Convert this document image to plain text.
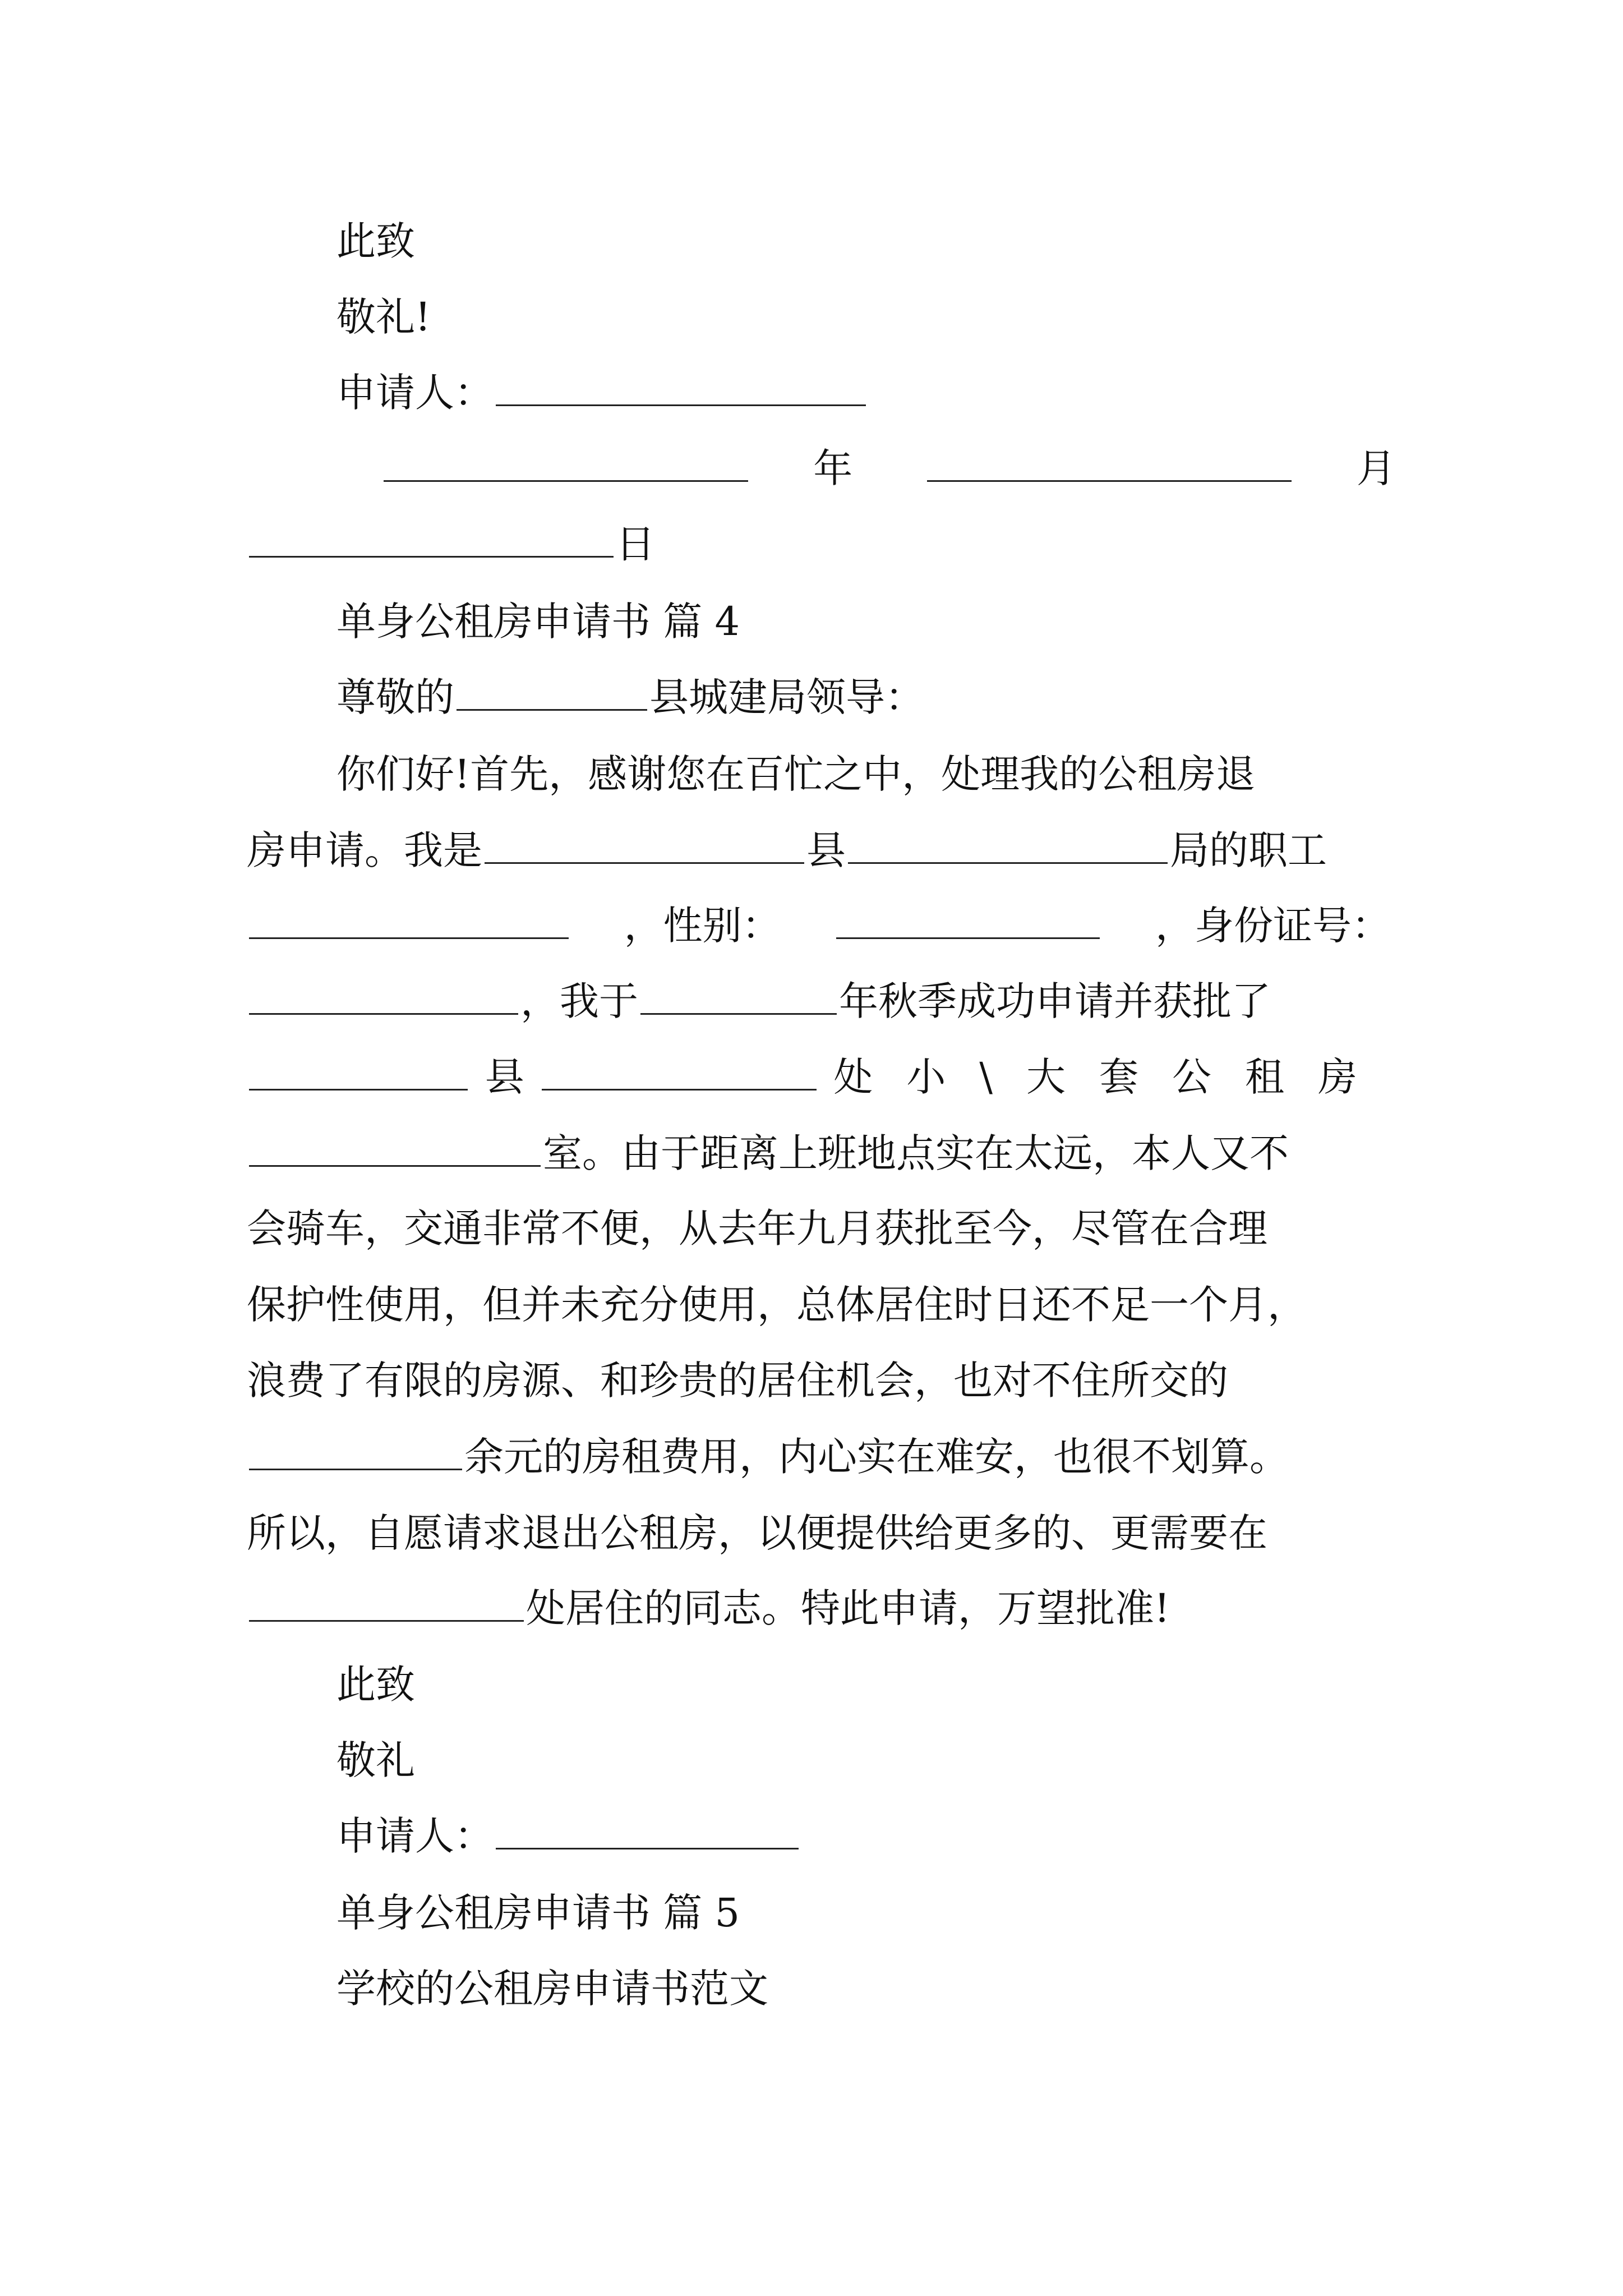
此致
敬礼!
申请人：
年	月
日
单身公租房申请书 篇 4
尊敬的	县城建局领导：
你们好!首先，感谢您在百忙之中，处理我的公租房退
房申请。我是	县	局的职工
，性别：	，身份证号：
，我于	年秋季成功申请并获批了
县	处小\大套公租房
室。由于距离上班地点实在太远，本人又不
会骑车，交通非常不便，从去年九月获批至今，尽管在合理
保护性使用，但并未充分使用，总体居住时日还不足一个月，
浪费了有限的房源、和珍贵的居住机会，也对不住所交的
余元的房租费用，内心实在难安，也很不划算。
所以，自愿请求退出公租房，以便提供给更多的、更需要在
处居住的同志。特此申请，万望批准!
此致
敬礼
申请人：
单身公租房申请书 篇 5
学校的公租房申请书范文
